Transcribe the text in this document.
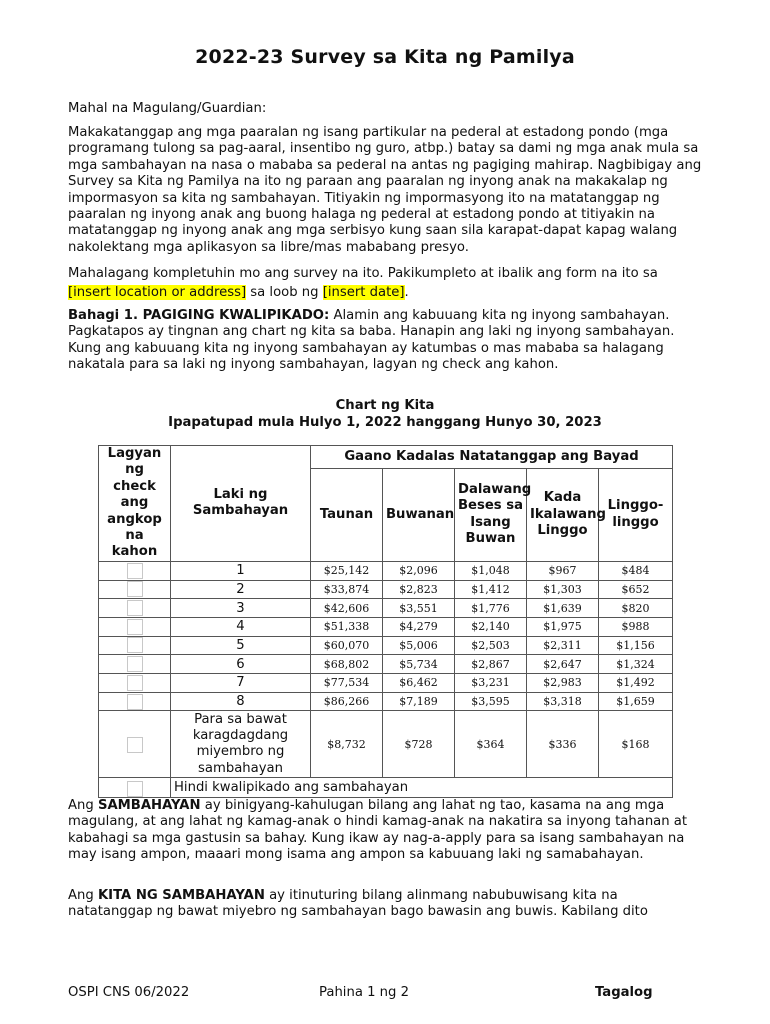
2022-23 Survey sa Kita ng Pamilya

Mahal na Magulang/Guardian:

Makakatanggap ang mga paaralan ng isang partikular na pederal at estadong pondo (mga programang tulong sa pag-aaral, insentibo ng guro, atbp.) batay sa dami ng mga anak mula sa mga sambahayan na nasa o mababa sa pederal na antas ng pagiging mahirap. Nagbibigay ang Survey sa Kita ng Pamilya na ito ng paraan ang paaralan ng inyong anak na makakalap ng impormasyon sa kita ng sambahayan. Titiyakin ng impormasyong ito na matatanggap ng paaralan ng inyong anak ang buong halaga ng pederal at estadong pondo at titiyakin na matatanggap ng inyong anak ang mga serbisyo kung saan sila karapat-dapat kapag walang nakolektang mga aplikasyon sa libre/mas mababang presyo.

Mahalagang kompletuhin mo ang survey na ito. Pakikumpleto at ibalik ang form na ito sa [insert location or address] sa loob ng [insert date].

Bahagi 1. PAGIGING KWALIPIKADO: Alamin ang kabuuang kita ng inyong sambahayan. Pagkatapos ay tingnan ang chart ng kita sa baba. Hanapin ang laki ng inyong sambahayan. Kung ang kabuuang kita ng inyong sambahayan ay katumbas o mas mababa sa halagang nakatala para sa laki ng inyong sambahayan, lagyan ng check ang kahon.

Chart ng Kita

Ipapatupad mula Hulyo 1, 2022 hanggang Hunyo 30, 2023

Lagyan ng check ang angkop na kahon	Laki ng Sambahayan	Gaano Kadalas Natatanggap ang Bayad				
		Taunan	Buwanan	Dalawang Beses sa Isang Buwan	Kada Ikalawang Linggo	Linggo-linggo
	1	$25,142	$2,096	$1,048	$967	$484
	2	$33,874	$2,823	$1,412	$1,303	$652
	3	$42,606	$3,551	$1,776	$1,639	$820
	4	$51,338	$4,279	$2,140	$1,975	$988
	5	$60,070	$5,006	$2,503	$2,311	$1,156
	6	$68,802	$5,734	$2,867	$2,647	$1,324
	7	$77,534	$6,462	$3,231	$2,983	$1,492
	8	$86,266	$7,189	$3,595	$3,318	$1,659
	Para sa bawat karagdagdang miyembro ng sambahayan	$8,732	$728	$364	$336	$168
	Hindi kwalipikado ang sambahayan					

Ang SAMBAHAYAN ay binigyang-kahulugan bilang ang lahat ng tao, kasama na ang mga magulang, at ang lahat ng kamag-anak o hindi kamag-anak na nakatira sa inyong tahanan at kabahagi sa mga gastusin sa bahay. Kung ikaw ay nag-a-apply para sa isang sambahayan na may isang ampon, maaari mong isama ang ampon sa kabuuang laki ng samabahayan.

Ang KITA NG SAMBAHAYAN ay itinuturing bilang alinmang nabubuwisang kita na natatanggap ng bawat miyebro ng sambahayan bago bawasin ang buwis. Kabilang dito

OSPI CNS 06/2022	Pahina 1 ng 2	Tagalog
